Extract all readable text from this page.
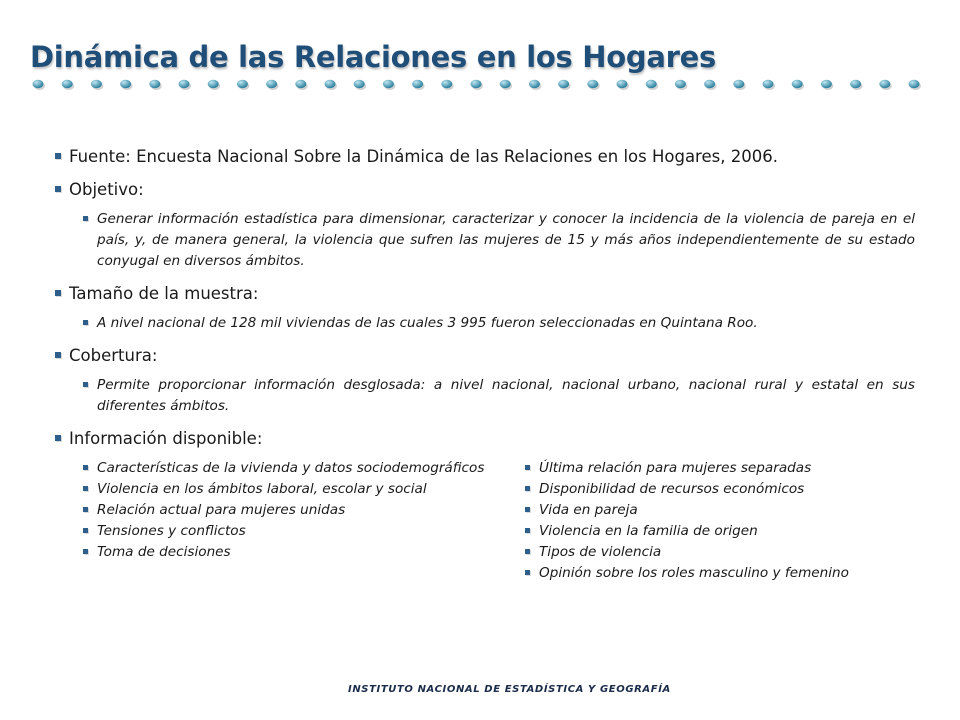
Dinámica de las Relaciones en los Hogares
Fuente: Encuesta Nacional Sobre la Dinámica de las Relaciones en los Hogares, 2006.
Objetivo:
Generar información estadística para dimensionar, caracterizar y conocer la incidencia de la violencia de pareja en el país, y, de manera general, la violencia que sufren las mujeres de 15 y más años independientemente de su estado conyugal en diversos ámbitos.
Tamaño de la muestra:
A nivel nacional de 128 mil viviendas de las cuales 3 995 fueron seleccionadas en Quintana Roo.
Cobertura:
Permite proporcionar información desglosada: a nivel nacional, nacional urbano, nacional rural y estatal en sus diferentes ámbitos.
Información disponible:
Características de la vivienda y datos sociodemográficos
Violencia en los ámbitos laboral, escolar y social
Relación actual para mujeres unidas
Tensiones y conflictos
Toma de decisiones
Última relación para mujeres separadas
Disponibilidad de recursos económicos
Vida en pareja
Violencia en la familia de origen
Tipos de violencia
Opinión sobre los roles masculino y femenino
INSTITUTO NACIONAL DE ESTADÍSTICA Y GEOGRAFÍA
